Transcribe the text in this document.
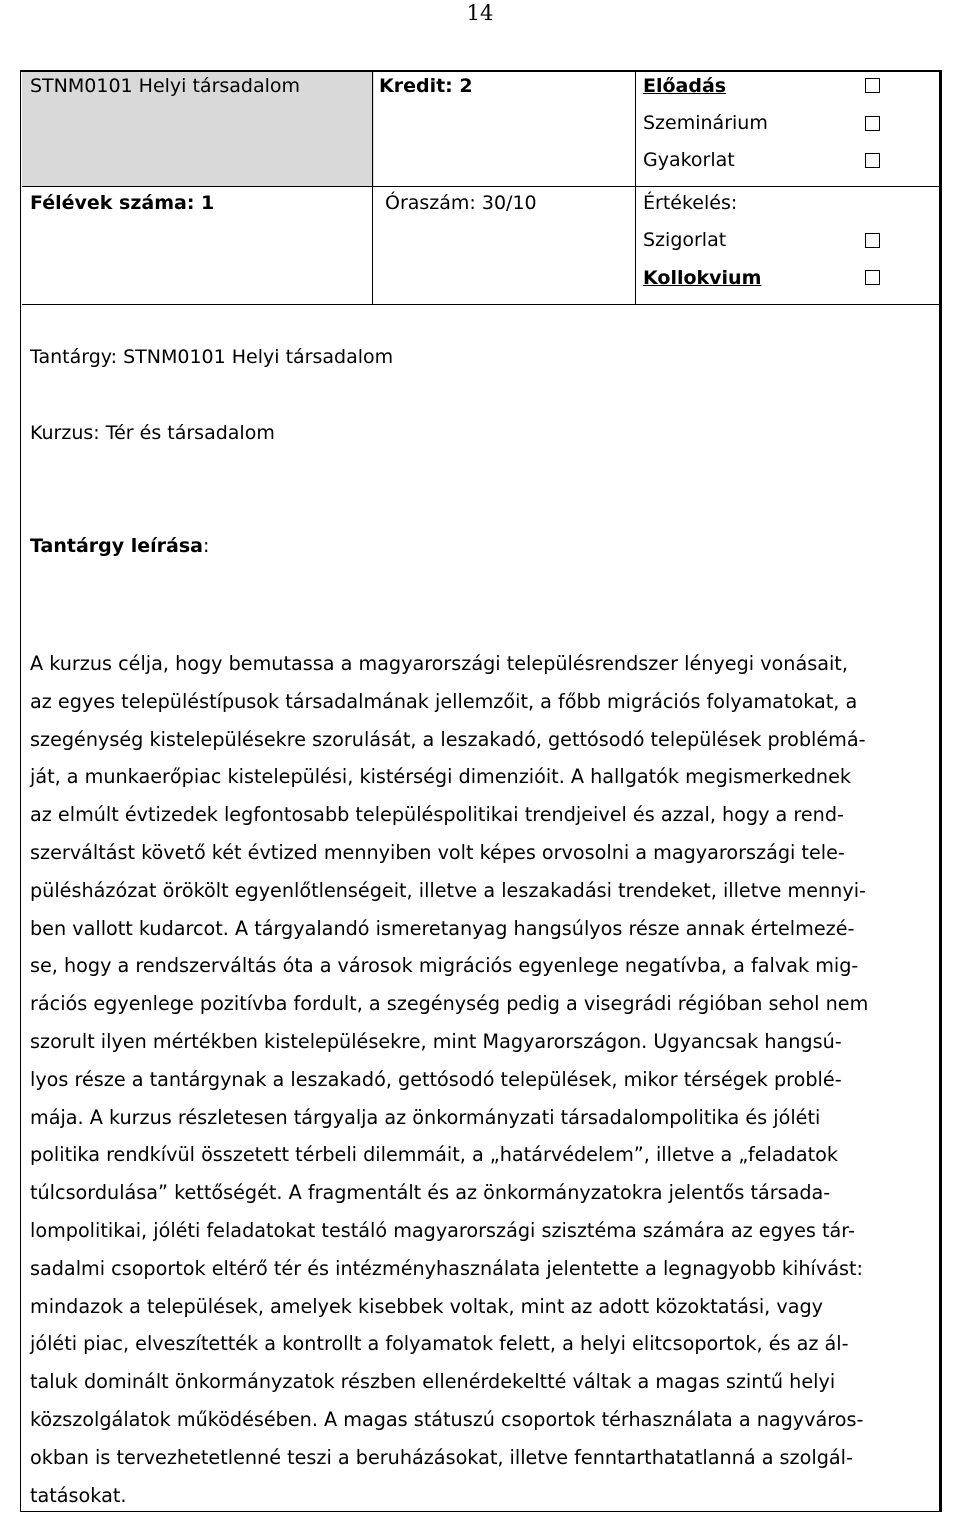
14
STNM0101 Helyi társadalom	Kredit: 2	Előadás
Szeminárium
Gyakorlat
Félévek száma: 1	Óraszám: 30/10	Értékelés:
Szigorlat
Kollokvium
Tantárgy: STNM0101 Helyi társadalom
Kurzus: Tér és társadalom
Tantárgy leírása:
A kurzus célja, hogy bemutassa a magyarországi településrendszer lényegi vonásait,
az egyes településtípusok társadalmának jellemzőit, a főbb migrációs folyamatokat, a
szegénység kistelepülésekre szorulását, a leszakadó, gettósodó települések problémá-
ját, a munkaerőpiac kistelepülési, kistérségi dimenzióit. A hallgatók megismerkednek
az elmúlt évtizedek legfontosabb településpolitikai trendjeivel és azzal, hogy a rend-
szerváltást követő két évtized mennyiben volt képes orvosolni a magyarországi tele-
pülésházózat örökölt egyenlőtlenségeit, illetve a leszakadási trendeket, illetve mennyi-
ben vallott kudarcot. A tárgyalandó ismeretanyag hangsúlyos része annak értelmezé-
se, hogy a rendszerváltás óta a városok migrációs egyenlege negatívba, a falvak mig-
rációs egyenlege pozitívba fordult, a szegénység pedig a visegrádi régióban sehol nem
szorult ilyen mértékben kistelepülésekre, mint Magyarországon. Ugyancsak hangsú-
lyos része a tantárgynak a leszakadó, gettósodó települések, mikor térségek problé-
mája. A kurzus részletesen tárgyalja az önkormányzati társadalompolitika és jóléti
politika rendkívül összetett térbeli dilemmáit, a „határvédelem”, illetve a „feladatok
túlcsordulása” kettőségét. A fragmentált és az önkormányzatokra jelentős társada-
lompolitikai, jóléti feladatokat testáló magyarországi szisztéma számára az egyes tár-
sadalmi csoportok eltérő tér és intézményhasználata jelentette a legnagyobb kihívást:
mindazok a települések, amelyek kisebbek voltak, mint az adott közoktatási, vagy
jóléti piac, elveszítették a kontrollt a folyamatok felett, a helyi elitcsoportok, és az ál-
taluk dominált önkormányzatok részben ellenérdekeltté váltak a magas szintű helyi
közszolgálatok működésében. A magas státuszú csoportok térhasználata a nagyváros-
okban is tervezhetetlenné teszi a beruházásokat, illetve fenntarthatatlanná a szolgál-
tatásokat.
